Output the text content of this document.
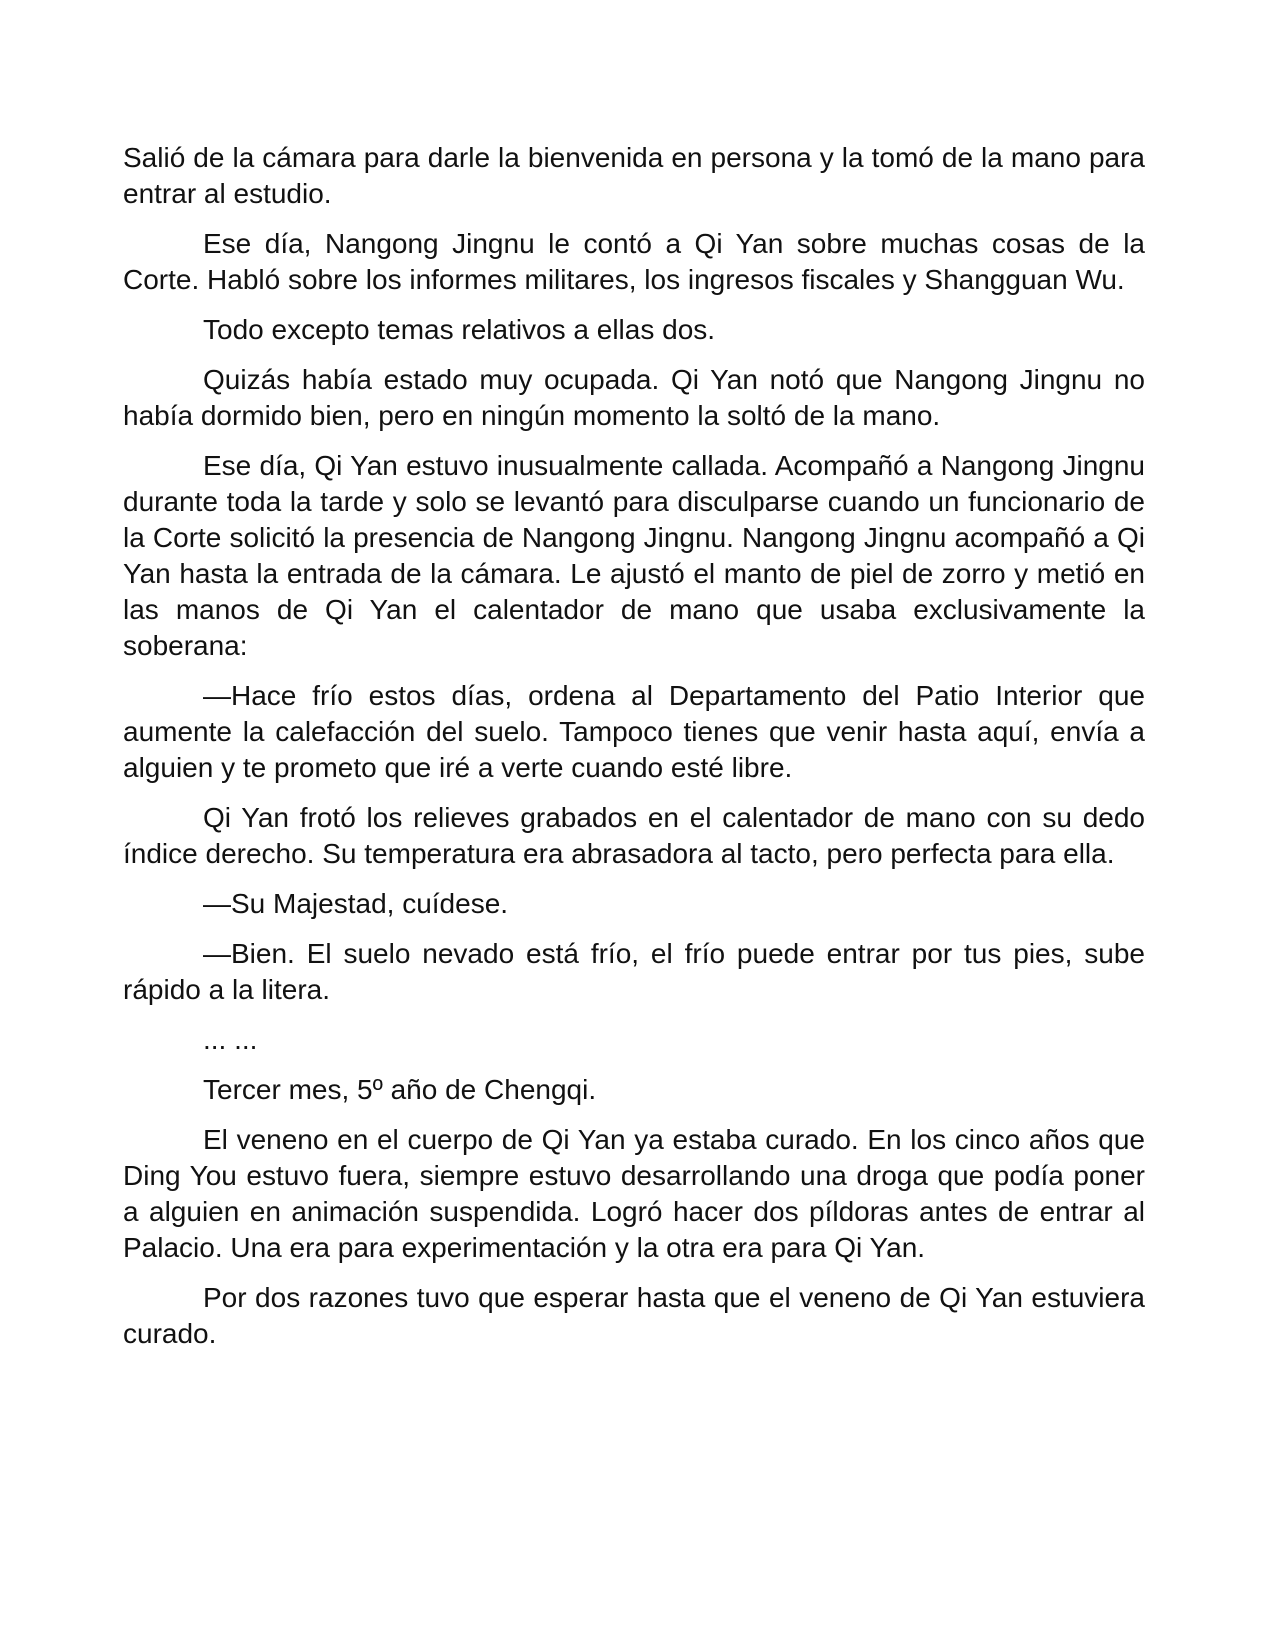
Salió de la cámara para darle la bienvenida en persona y la tomó de la mano para entrar al estudio.

Ese día, Nangong Jingnu le contó a Qi Yan sobre muchas cosas de la Corte. Habló sobre los informes militares, los ingresos fiscales y Shangguan Wu.

Todo excepto temas relativos a ellas dos.

Quizás había estado muy ocupada. Qi Yan notó que Nangong Jingnu no había dormido bien, pero en ningún momento la soltó de la mano.

Ese día, Qi Yan estuvo inusualmente callada. Acompañó a Nangong Jingnu durante toda la tarde y solo se levantó para disculparse cuando un funcionario de la Corte solicitó la presencia de Nangong Jingnu. Nangong Jingnu acompañó a Qi Yan hasta la entrada de la cámara. Le ajustó el manto de piel de zorro y metió en las manos de Qi Yan el calentador de mano que usaba exclusivamente la soberana:

—Hace frío estos días, ordena al Departamento del Patio Interior que aumente la calefacción del suelo. Tampoco tienes que venir hasta aquí, envía a alguien y te prometo que iré a verte cuando esté libre.

Qi Yan frotó los relieves grabados en el calentador de mano con su dedo índice derecho. Su temperatura era abrasadora al tacto, pero perfecta para ella.

—Su Majestad, cuídese.

—Bien. El suelo nevado está frío, el frío puede entrar por tus pies, sube rápido a la litera.

... ...

Tercer mes, 5º año de Chengqi.

El veneno en el cuerpo de Qi Yan ya estaba curado. En los cinco años que Ding You estuvo fuera, siempre estuvo desarrollando una droga que podía poner a alguien en animación suspendida. Logró hacer dos píldoras antes de entrar al Palacio. Una era para experimentación y la otra era para Qi Yan.

Por dos razones tuvo que esperar hasta que el veneno de Qi Yan estuviera curado.
